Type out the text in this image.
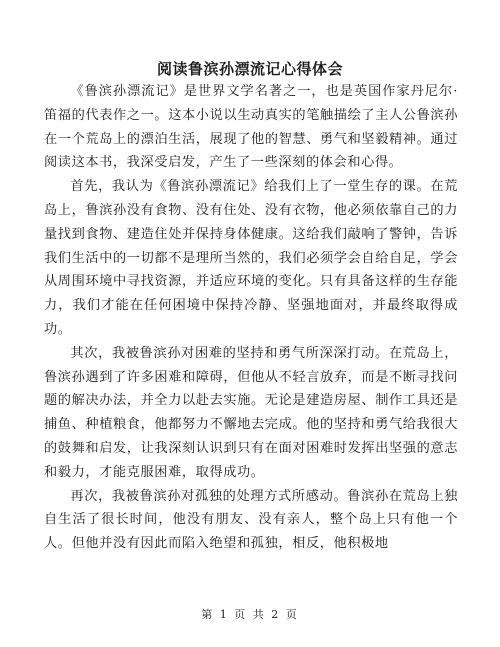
阅读鲁滨孙漂流记心得体会

《鲁滨孙漂流记》是世界文学名著之一，也是英国作家丹尼尔·笛福的代表作之一。这本小说以生动真实的笔触描绘了主人公鲁滨孙在一个荒岛上的漂泊生活，展现了他的智慧、勇气和坚毅精神。通过阅读这本书，我深受启发，产生了一些深刻的体会和心得。

首先，我认为《鲁滨孙漂流记》给我们上了一堂生存的课。在荒岛上，鲁滨孙没有食物、没有住处、没有衣物，他必须依靠自己的力量找到食物、建造住处并保持身体健康。这给我们敲响了警钟，告诉我们生活中的一切都不是理所当然的，我们必须学会自给自足，学会从周围环境中寻找资源，并适应环境的变化。只有具备这样的生存能力，我们才能在任何困境中保持冷静、坚强地面对，并最终取得成功。

其次，我被鲁滨孙对困难的坚持和勇气所深深打动。在荒岛上，鲁滨孙遇到了许多困难和障碍，但他从不轻言放弃，而是不断寻找问题的解决办法，并全力以赴去实施。无论是建造房屋、制作工具还是捕鱼、种植粮食，他都努力不懈地去完成。他的坚持和勇气给我很大的鼓舞和启发，让我深刻认识到只有在面对困难时发挥出坚强的意志和毅力，才能克服困难，取得成功。

再次，我被鲁滨孙对孤独的处理方式所感动。鲁滨孙在荒岛上独自生活了很长时间，他没有朋友、没有亲人，整个岛上只有他一个人。但他并没有因此而陷入绝望和孤独，相反，他积极地

第 1 页 共 2 页
